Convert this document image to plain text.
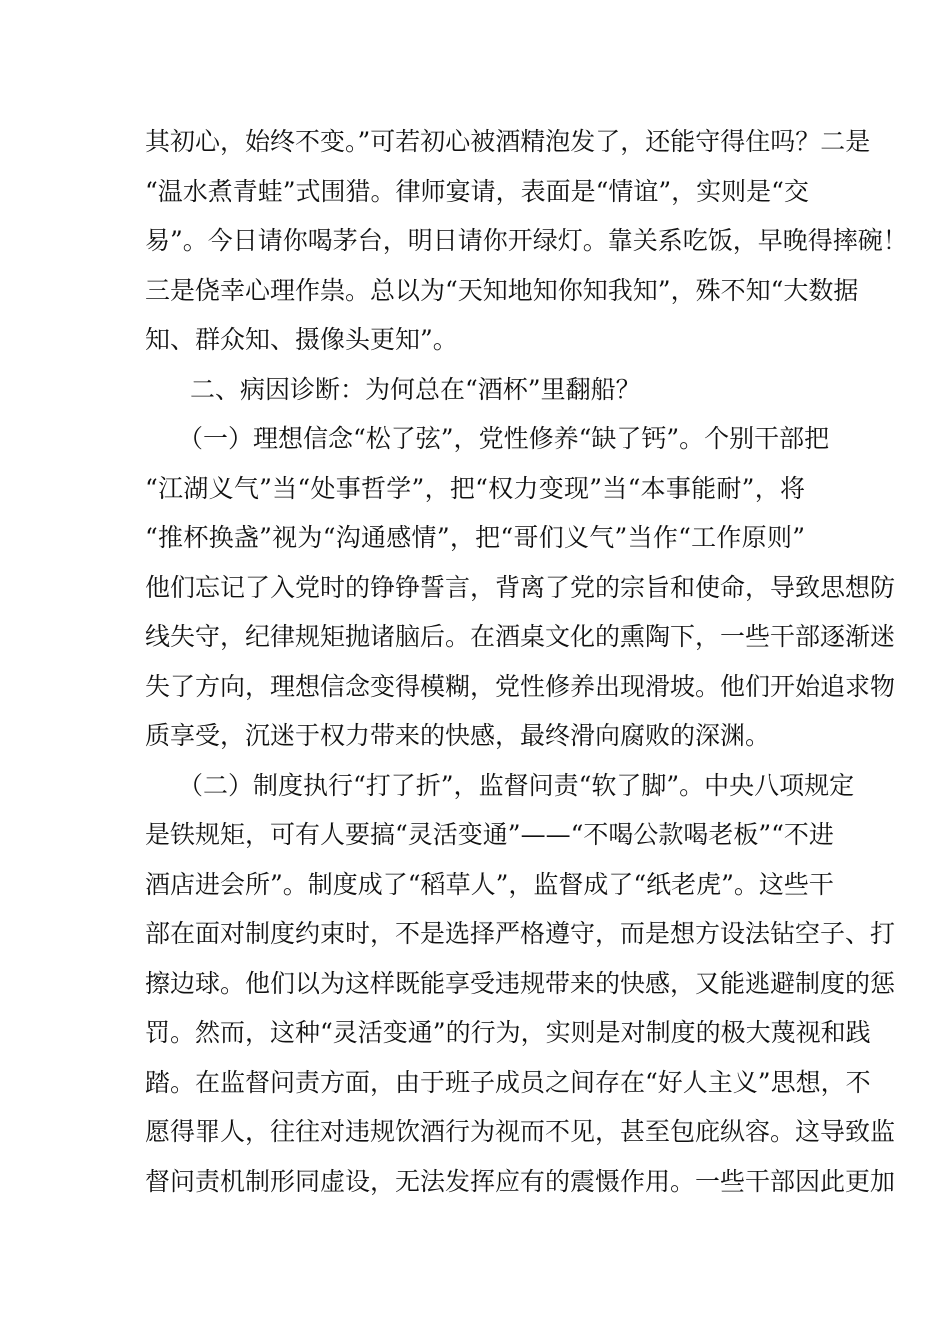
其初心，始终不变。”可若初心被酒精泡发了，还能守得住吗？二是
“温水煮青蛙”式围猎。律师宴请，表面是“情谊”，实则是“交
易”。今日请你喝茅台，明日请你开绿灯。靠关系吃饭，早晚得摔碗！
三是侥幸心理作祟。总以为“天知地知你知我知”，殊不知“大数据
知、群众知、摄像头更知”。
二、病因诊断：为何总在“酒杯”里翻船？
（一）理想信念“松了弦”，党性修养“缺了钙”。个别干部把
“江湖义气”当“处事哲学”，把“权力变现”当“本事能耐”，将
“推杯换盏”视为“沟通感情”，把“哥们义气”当作“工作原则”
他们忘记了入党时的铮铮誓言，背离了党的宗旨和使命，导致思想防
线失守，纪律规矩抛诸脑后。在酒桌文化的熏陶下，一些干部逐渐迷
失了方向，理想信念变得模糊，党性修养出现滑坡。他们开始追求物
质享受，沉迷于权力带来的快感，最终滑向腐败的深渊。
（二）制度执行“打了折”，监督问责“软了脚”。中央八项规定
是铁规矩，可有人要搞“灵活变通”——“不喝公款喝老板”“不进
酒店进会所”。制度成了“稻草人”，监督成了“纸老虎”。这些干
部在面对制度约束时，不是选择严格遵守，而是想方设法钻空子、打
擦边球。他们以为这样既能享受违规带来的快感，又能逃避制度的惩
罚。然而，这种“灵活变通”的行为，实则是对制度的极大蔑视和践
踏。在监督问责方面，由于班子成员之间存在“好人主义”思想，不
愿得罪人，往往对违规饮酒行为视而不见，甚至包庇纵容。这导致监
督问责机制形同虚设，无法发挥应有的震慑作用。一些干部因此更加
